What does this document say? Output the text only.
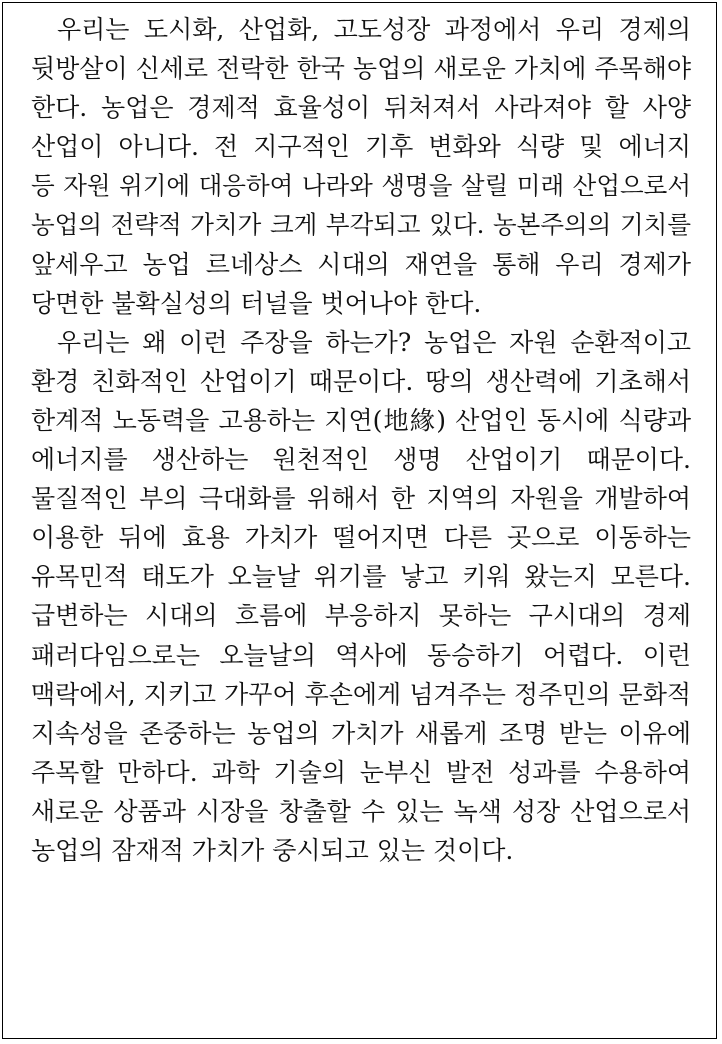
우리는 도시화, 산업화, 고도성장 과정에서 우리 경제의
뒷방살이 신세로 전락한 한국 농업의 새로운 가치에 주목해야
한다. 농업은 경제적 효율성이 뒤처져서 사라져야 할 사양
산업이 아니다. 전 지구적인 기후 변화와 식량 및 에너지
등 자원 위기에 대응하여 나라와 생명을 살릴 미래 산업으로서
농업의 전략적 가치가 크게 부각되고 있다. 농본주의의 기치를
앞세우고 농업 르네상스 시대의 재연을 통해 우리 경제가
당면한 불확실성의 터널을 벗어나야 한다.
우리는 왜 이런 주장을 하는가? 농업은 자원 순환적이고
환경 친화적인 산업이기 때문이다. 땅의 생산력에 기초해서
한계적 노동력을 고용하는 지연(地緣) 산업인 동시에 식량과
에너지를 생산하는 원천적인 생명 산업이기 때문이다.
물질적인 부의 극대화를 위해서 한 지역의 자원을 개발하여
이용한 뒤에 효용 가치가 떨어지면 다른 곳으로 이동하는
유목민적 태도가 오늘날 위기를 낳고 키워 왔는지 모른다.
급변하는 시대의 흐름에 부응하지 못하는 구시대의 경제
패러다임으로는 오늘날의 역사에 동승하기 어렵다. 이런
맥락에서, 지키고 가꾸어 후손에게 넘겨주는 정주민의 문화적
지속성을 존중하는 농업의 가치가 새롭게 조명 받는 이유에
주목할 만하다. 과학 기술의 눈부신 발전 성과를 수용하여
새로운 상품과 시장을 창출할 수 있는 녹색 성장 산업으로서
농업의 잠재적 가치가 중시되고 있는 것이다.
